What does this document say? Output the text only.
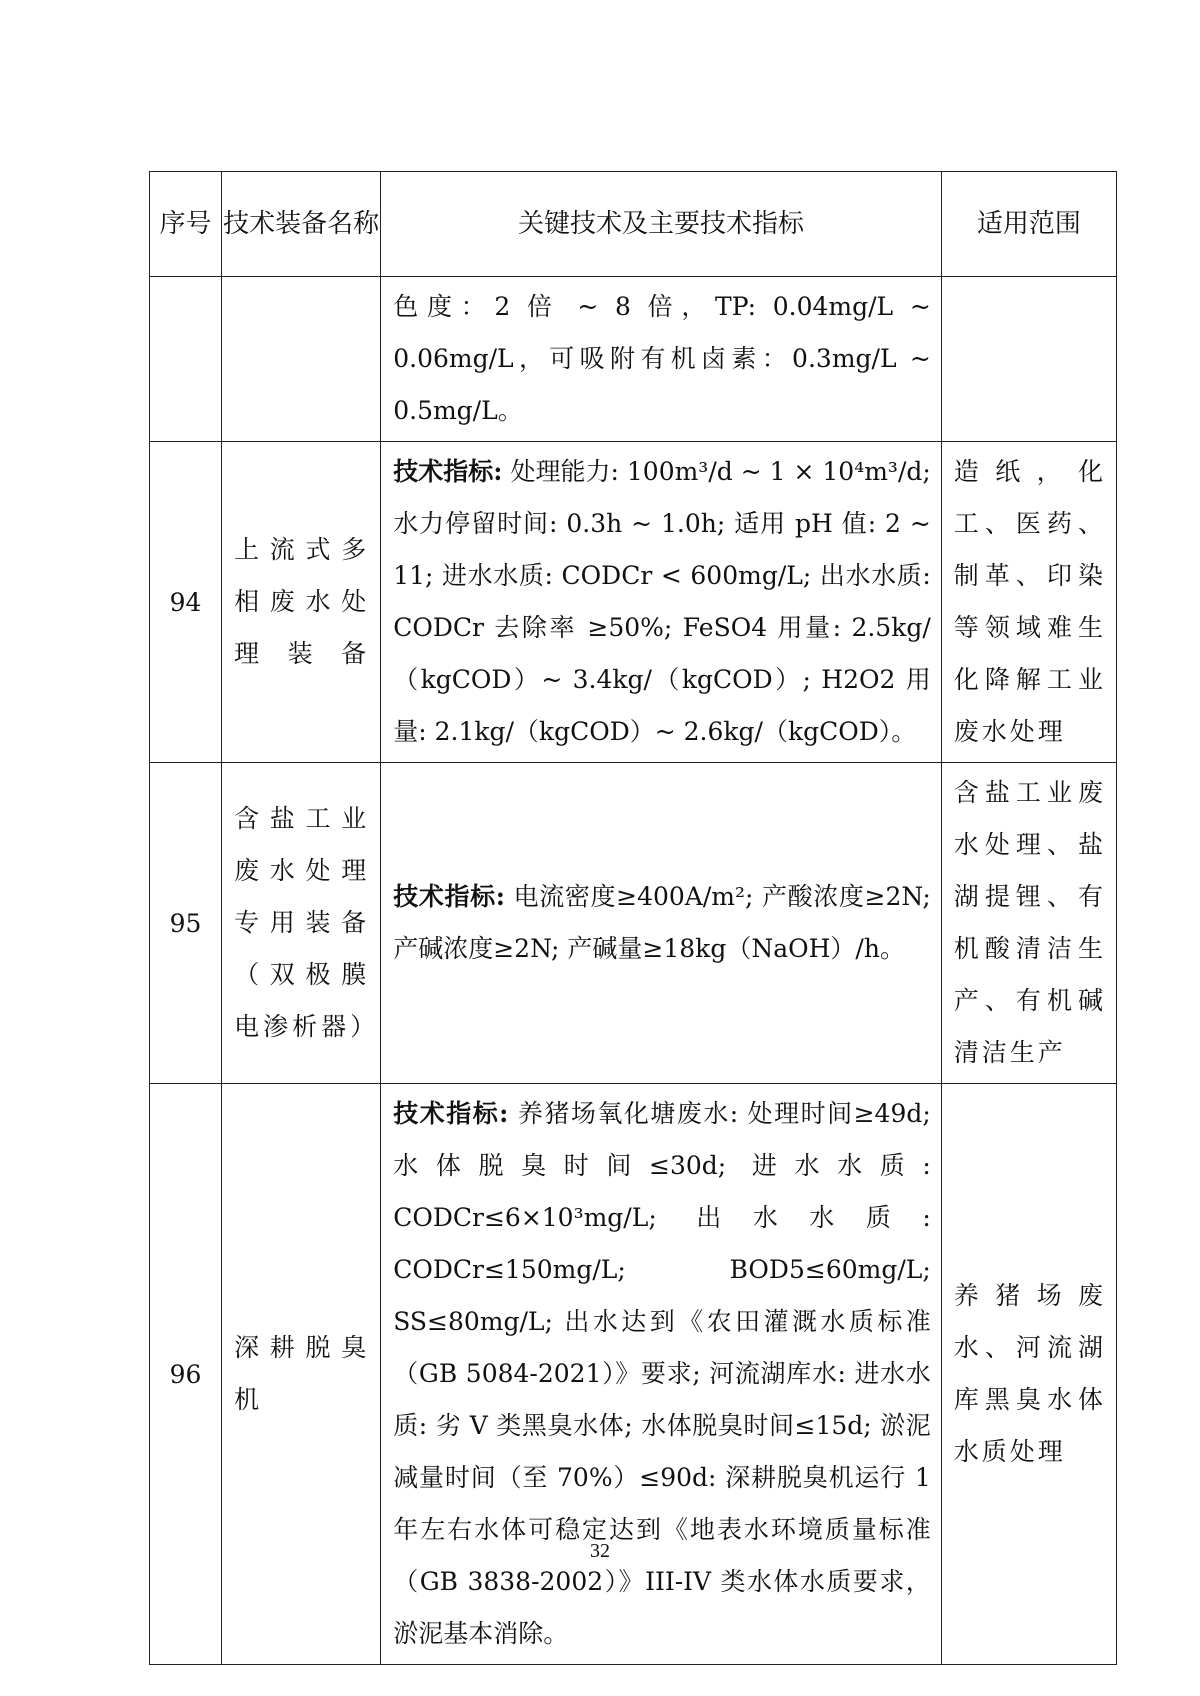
序号	技术装备名称	关键技术及主要技术指标	适用范围
		色度：2 倍 ~ 8 倍，TP: 0.04mg/L ~ 0.06mg/L，可吸附有机卤素：0.3mg/L ~ 0.5mg/L。	
94	上流式多相废水处理装备	技术指标: 处理能力: 100m³/d ~ 1 × 10⁴m³/d; 水力停留时间: 0.3h ~ 1.0h; 适用 pH 值: 2 ~ 11; 进水水质: CODCr < 600mg/L; 出水水质: CODCr 去除率 ≥50%; FeSO4 用量: 2.5kg/（kgCOD）~ 3.4kg/（kgCOD）; H2O2 用量: 2.1kg/（kgCOD）~ 2.6kg/（kgCOD）。	造纸，化工、医药、制革、印染等领域难生化降解工业废水处理
95	含盐工业废水处理专用装备（双极膜电渗析器）	技术指标: 电流密度≥400A/m²; 产酸浓度≥2N; 产碱浓度≥2N; 产碱量≥18kg（NaOH）/h。	含盐工业废水处理、盐湖提锂、有机酸清洁生产、有机碱清洁生产
96	深耕脱臭机	技术指标: 养猪场氧化塘废水: 处理时间≥49d; 水体脱臭时间≤30d; 进水水质: CODCr≤6×10³mg/L; 出水水质: CODCr≤150mg/L; BOD5≤60mg/L; SS≤80mg/L; 出水达到《农田灌溉水质标准（GB 5084-2021）》要求; 河流湖库水: 进水水质: 劣 V 类黑臭水体; 水体脱臭时间≤15d; 淤泥减量时间（至 70%）≤90d: 深耕脱臭机运行 1 年左右水体可稳定达到《地表水环境质量标准（GB 3838-2002）》III-IV 类水体水质要求，淤泥基本消除。	养猪场废水、河流湖库黑臭水体水质处理
32
